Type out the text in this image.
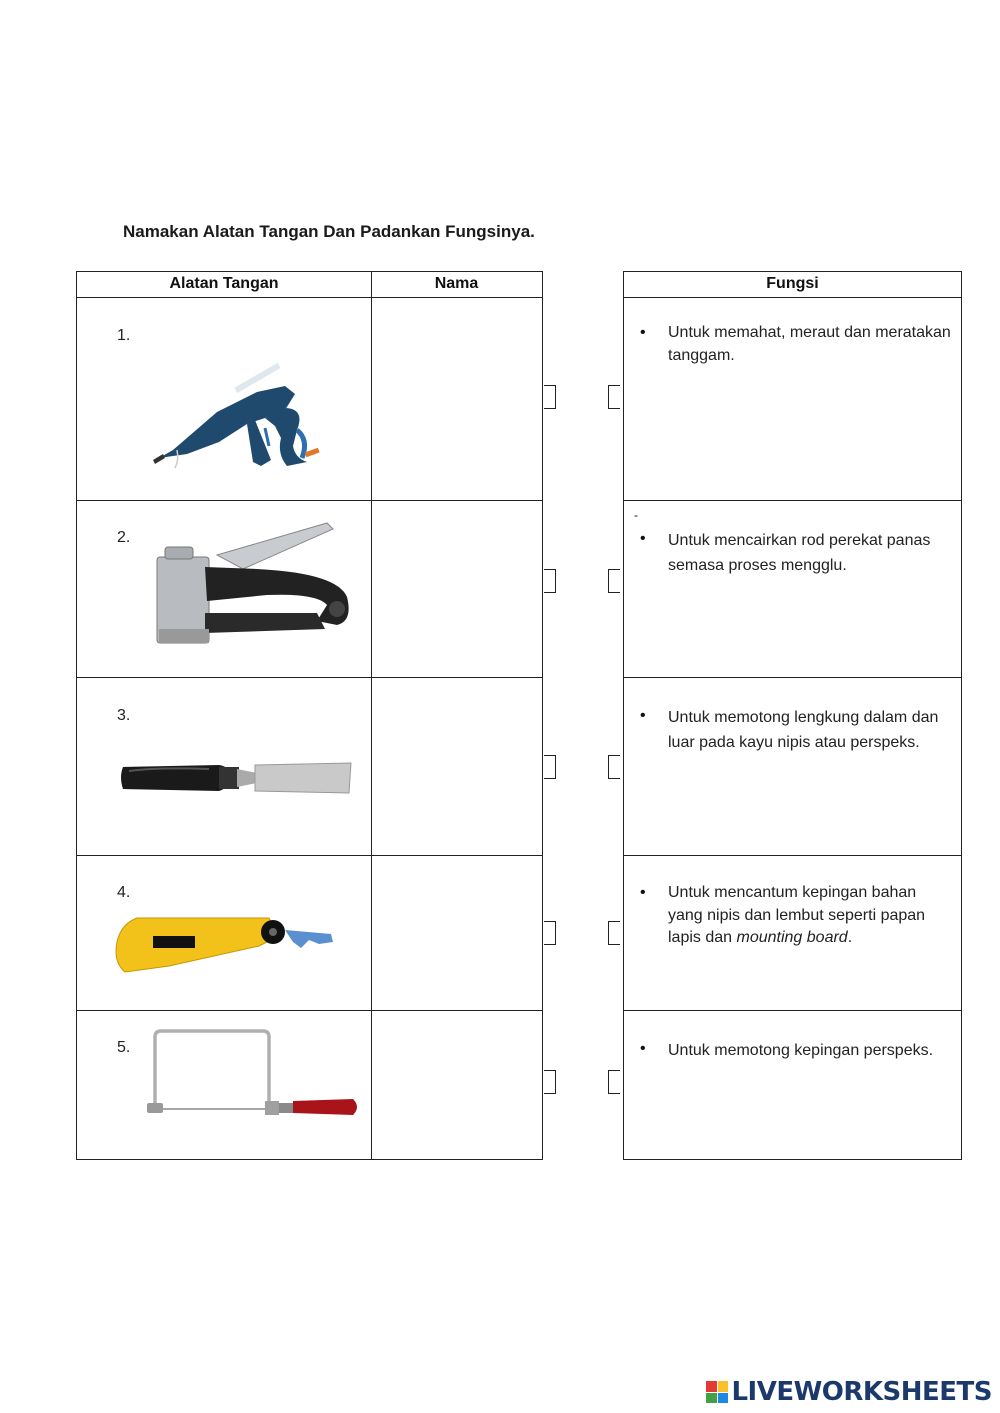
Namakan Alatan Tangan Dan Padankan Fungsinya.
Alatan Tangan	Nama
1.
2.
3.
4.
5.
Fungsi
• Untuk memahat, meraut dan meratakan tanggam.
-
• Untuk mencairkan rod perekat panas semasa proses mengglu.
• Untuk memotong lengkung dalam dan luar pada kayu nipis atau perspeks.
• Untuk mencantum kepingan bahan yang nipis dan lembut seperti papan lapis dan mounting board.
• Untuk memotong kepingan perspeks.
LIVEWORKSHEETS
